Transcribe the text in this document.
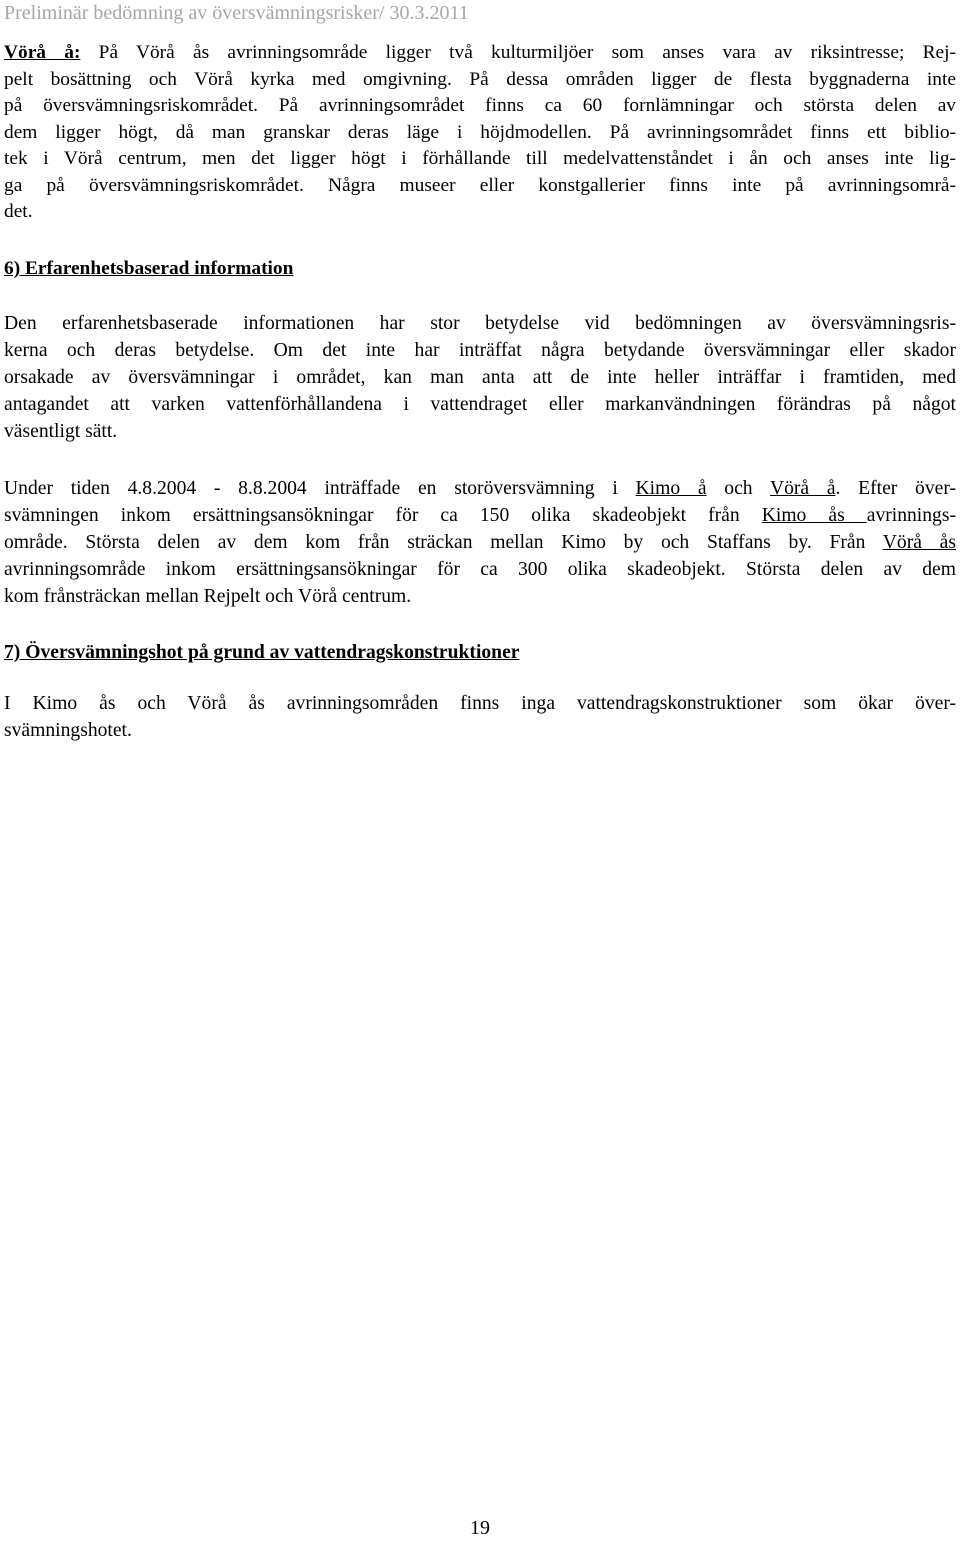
Preliminär bedömning av översvämningsrisker/ 30.3.2011
Vörå å: På Vörå ås avrinningsområde ligger två kulturmiljöer som anses vara av riksintresse; Rej-
pelt bosättning och Vörå kyrka med omgivning. På dessa områden ligger de flesta byggnaderna inte
på översvämningsriskområdet. På avrinningsområdet finns ca 60 fornlämningar och största delen av
dem ligger högt, då man granskar deras läge i höjdmodellen. På avrinningsområdet finns ett biblio-
tek i Vörå centrum, men det ligger högt i förhållande till medelvattenståndet i ån och anses inte lig-
ga på översvämningsriskområdet. Några museer eller konstgallerier finns inte på avrinningsområ-
det.
6) Erfarenhetsbaserad information
Den erfarenhetsbaserade informationen har stor betydelse vid bedömningen av översvämningsris-
kerna och deras betydelse. Om det inte har inträffat några betydande översvämningar eller skador
orsakade av översvämningar i området, kan man anta att de inte heller inträffar i framtiden, med
antagandet att varken vattenförhållandena i vattendraget eller markanvändningen förändras på något
väsentligt sätt.
Under tiden 4.8.2004 - 8.8.2004 inträffade en storöversvämning i Kimo å och Vörå å. Efter över-
svämningen inkom ersättningsansökningar för ca 150 olika skadeobjekt från Kimo ås avrinnings-
område. Största delen av dem kom från sträckan mellan Kimo by och Staffans by. Från Vörå ås
avrinningsområde inkom ersättningsansökningar för ca 300 olika skadeobjekt. Största delen av dem
kom frånsträckan mellan Rejpelt och Vörå centrum.
7) Översvämningshot på grund av vattendragskonstruktioner
I Kimo ås och Vörå ås avrinningsområden finns inga vattendragskonstruktioner som ökar över-
svämningshotet.
19
